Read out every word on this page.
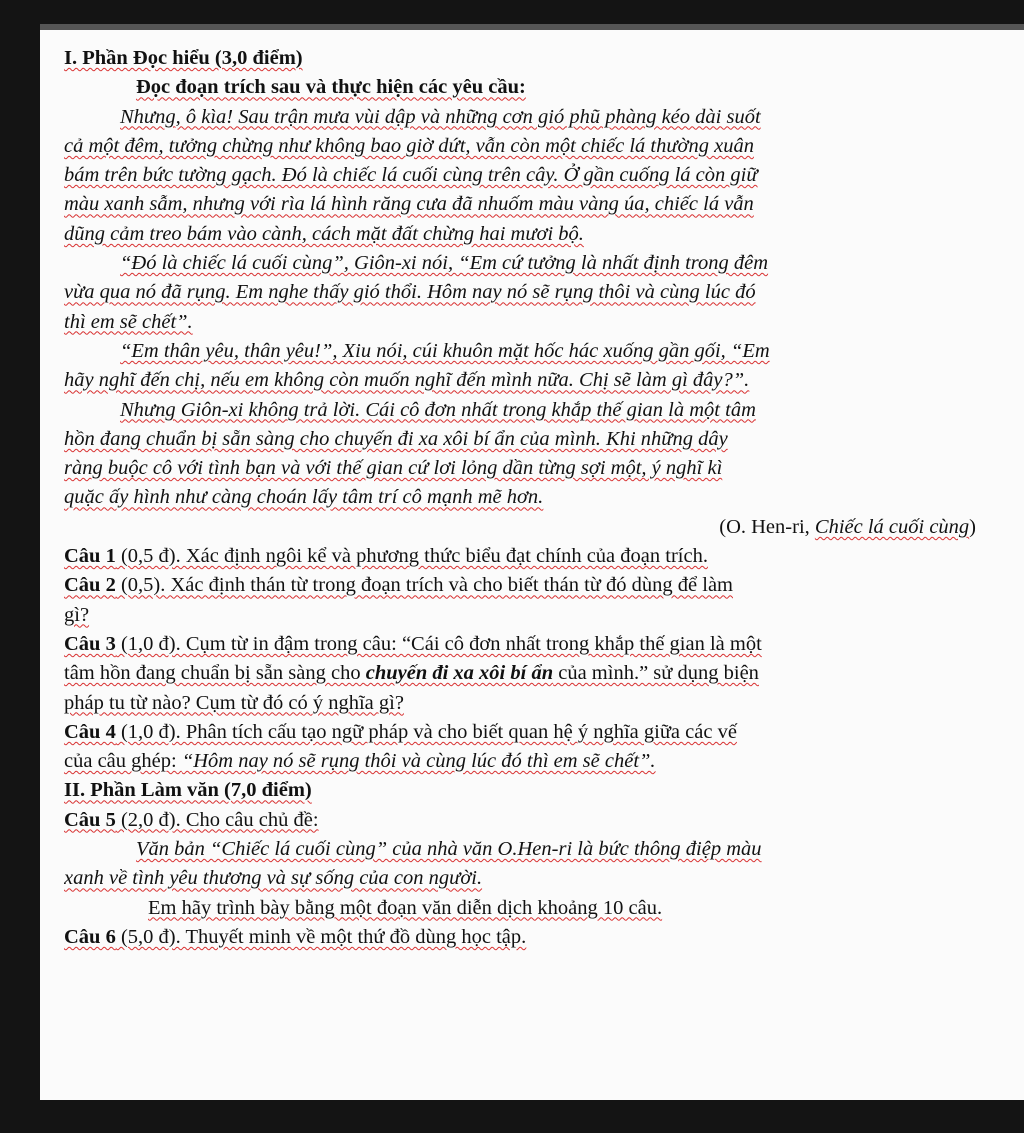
I. Phần Đọc hiểu (3,0 điểm)
Đọc đoạn trích sau và thực hiện các yêu cầu:
Nhưng, ô kìa! Sau trận mưa vùi dập và những cơn gió phũ phàng kéo dài suốt
cả một đêm, tưởng chừng như không bao giờ dứt, vẫn còn một chiếc lá thường xuân
bám trên bức tường gạch. Đó là chiếc lá cuối cùng trên cây. Ở gần cuống lá còn giữ
màu xanh sẫm, nhưng với rìa lá hình răng cưa đã nhuốm màu vàng úa, chiếc lá vẫn
dũng cảm treo bám vào cành, cách mặt đất chừng hai mươi bộ.
“Đó là chiếc lá cuối cùng”, Giôn-xi nói, “Em cứ tưởng là nhất định trong đêm
vừa qua nó đã rụng. Em nghe thấy gió thổi. Hôm nay nó sẽ rụng thôi và cùng lúc đó
thì em sẽ chết”.
“Em thân yêu, thân yêu!”, Xiu nói, cúi khuôn mặt hốc hác xuống gần gối, “Em
hãy nghĩ đến chị, nếu em không còn muốn nghĩ đến mình nữa. Chị sẽ làm gì đây?”.
Nhưng Giôn-xi không trả lời. Cái cô đơn nhất trong khắp thế gian là một tâm
hồn đang chuẩn bị sẵn sàng cho chuyến đi xa xôi bí ẩn của mình. Khi những dây
ràng buộc cô với tình bạn và với thế gian cứ lơi lỏng dần từng sợi một, ý nghĩ kì
quặc ấy hình như càng choán lấy tâm trí cô mạnh mẽ hơn.
(O. Hen-ri, Chiếc lá cuối cùng)
Câu 1 (0,5 đ). Xác định ngôi kể và phương thức biểu đạt chính của đoạn trích.
Câu 2 (0,5). Xác định thán từ trong đoạn trích và cho biết thán từ đó dùng để làm
gì?
Câu 3 (1,0 đ). Cụm từ in đậm trong câu: “Cái cô đơn nhất trong khắp thế gian là một
tâm hồn đang chuẩn bị sẵn sàng cho chuyến đi xa xôi bí ẩn của mình.” sử dụng biện
pháp tu từ nào? Cụm từ đó có ý nghĩa gì?
Câu 4 (1,0 đ). Phân tích cấu tạo ngữ pháp và cho biết quan hệ ý nghĩa giữa các vế
của câu ghép: “Hôm nay nó sẽ rụng thôi và cùng lúc đó thì em sẽ chết”.
II. Phần Làm văn (7,0 điểm)
Câu 5 (2,0 đ). Cho câu chủ đề:
Văn bản “Chiếc lá cuối cùng” của nhà văn O.Hen-ri là bức thông điệp màu
xanh về tình yêu thương và sự sống của con người.
Em hãy trình bày bằng một đoạn văn diễn dịch khoảng 10 câu.
Câu 6 (5,0 đ). Thuyết minh về một thứ đồ dùng học tập.
